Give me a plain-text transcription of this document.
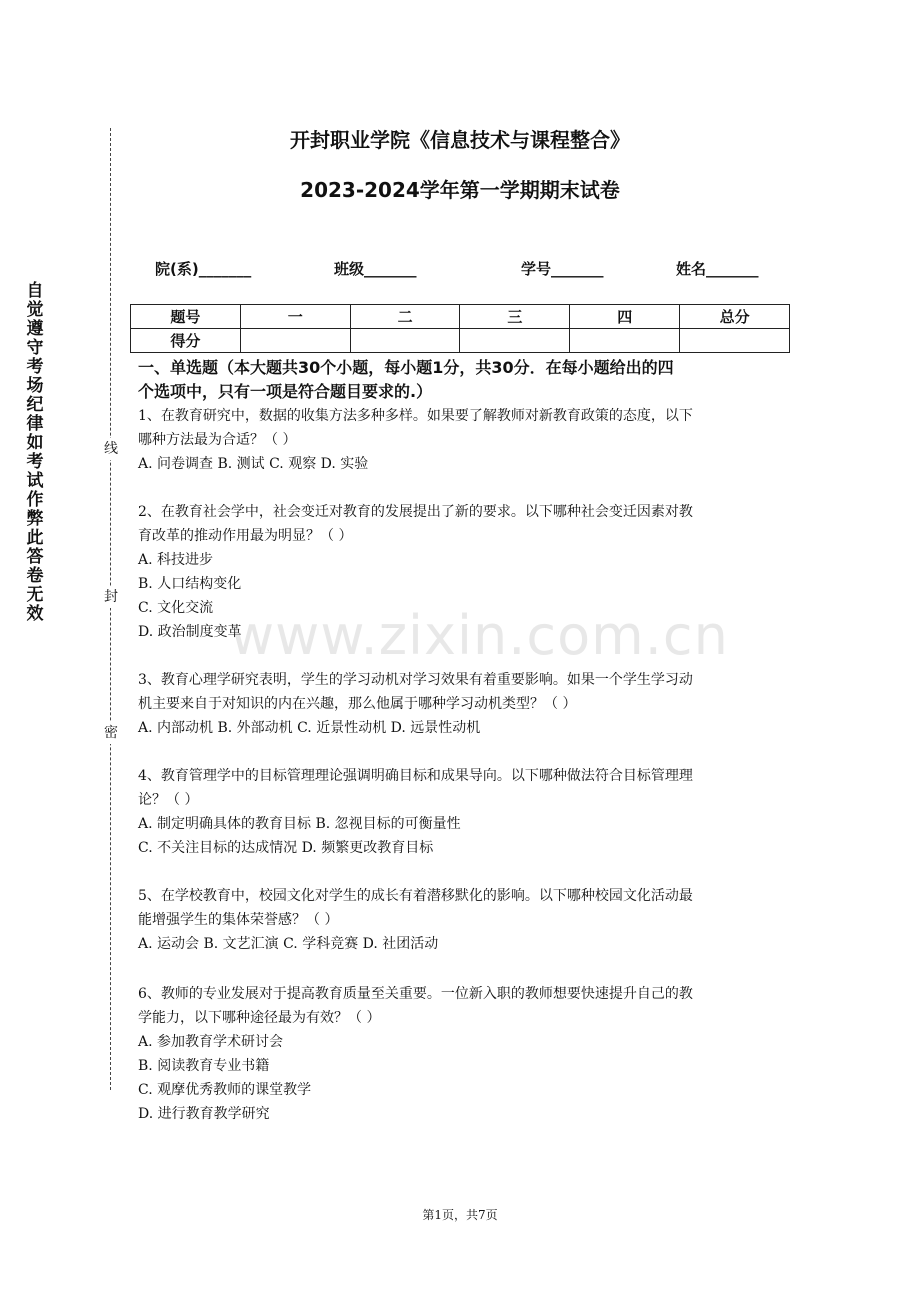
自觉遵守考场纪律如考试作弊此答卷无效
线
封
密
开封职业学院《信息技术与课程整合》
2023-2024学年第一学期期末试卷
院(系)_______	班级_______	学号_______	姓名_______
题号	一	二	三	四	总分
得分					

一、单选题（本大题共30个小题，每小题1分，共30分．在每小题给出的四

个选项中，只有一项是符合题目要求的.）

1、在教育研究中，数据的收集方法多种多样。如果要了解教师对新教育政策的态度，以下

哪种方法最为合适？（ ）

A. 问卷调查 B. 测试 C. 观察 D. 实验

2、在教育社会学中，社会变迁对教育的发展提出了新的要求。以下哪种社会变迁因素对教

育改革的推动作用最为明显？（ ）

A. 科技进步

B. 人口结构变化

C. 文化交流

D. 政治制度变革

3、教育心理学研究表明，学生的学习动机对学习效果有着重要影响。如果一个学生学习动

机主要来自于对知识的内在兴趣，那么他属于哪种学习动机类型？（ ）

A. 内部动机 B. 外部动机 C. 近景性动机 D. 远景性动机

4、教育管理学中的目标管理理论强调明确目标和成果导向。以下哪种做法符合目标管理理

论？（ ）

A. 制定明确具体的教育目标 B. 忽视目标的可衡量性

C. 不关注目标的达成情况 D. 频繁更改教育目标

5、在学校教育中，校园文化对学生的成长有着潜移默化的影响。以下哪种校园文化活动最

能增强学生的集体荣誉感？（ ）

A. 运动会 B. 文艺汇演 C. 学科竞赛 D. 社团活动

6、教师的专业发展对于提高教育质量至关重要。一位新入职的教师想要快速提升自己的教

学能力，以下哪种途径最为有效？（ ）

A. 参加教育学术研讨会

B. 阅读教育专业书籍

C. 观摩优秀教师的课堂教学

D. 进行教育教学研究

www.zixin.com.cn
第1页，共7页
